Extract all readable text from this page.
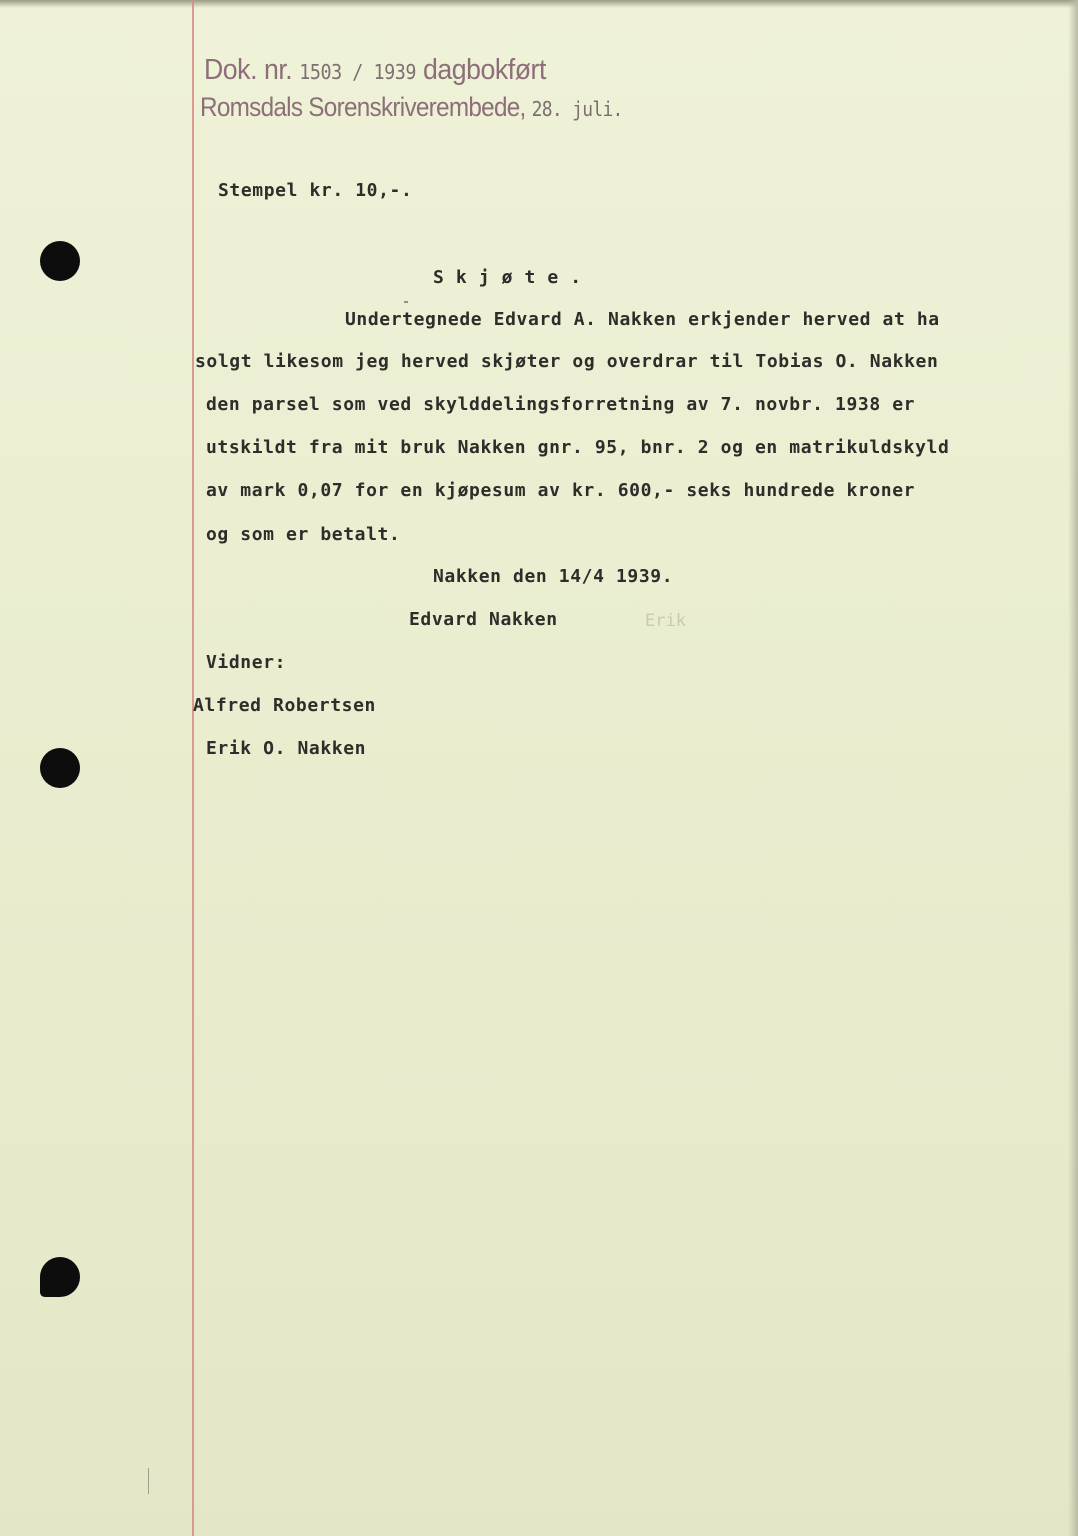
Dok. nr. 1503 / 1939 dagbokført
Romsdals Sorenskriverembede, 28. juli.
Stempel kr. 10,-.
S k j ø t e .
Undertegnede Edvard A. Nakken erkjender herved at ha
solgt likesom jeg herved skjøter og overdrar til Tobias O. Nakken
den parsel som ved skylddelingsforretning av 7. novbr. 1938 er
utskildt fra mit bruk Nakken gnr. 95, bnr. 2 og en matrikuldskyld
av mark 0,07 for en kjøpesum av kr. 600,- seks hundrede kroner
og som er betalt.
Nakken den 14/4 1939.
Edvard Nakken	Erik
Vidner:
Alfred Robertsen
Erik O. Nakken
